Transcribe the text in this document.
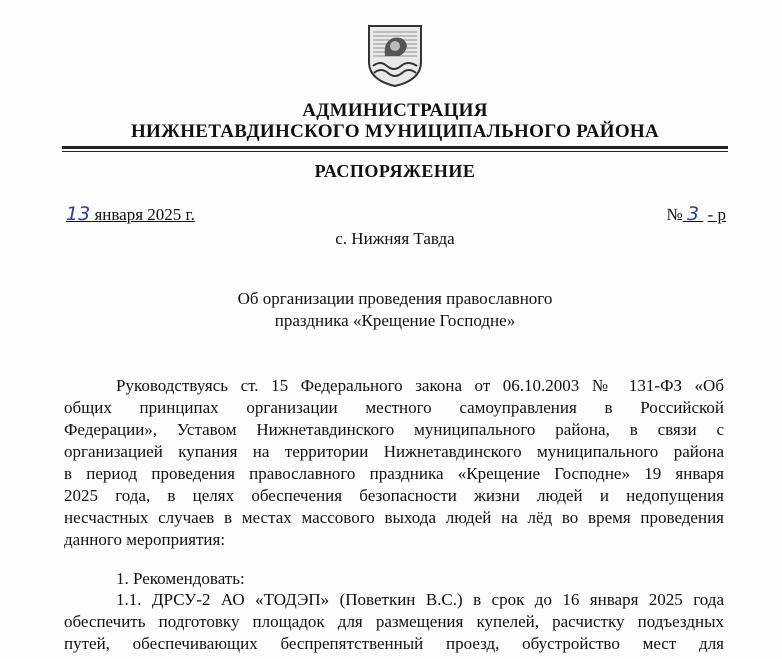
АДМИНИСТРАЦИЯ
НИЖНЕТАВДИНСКОГО МУНИЦИПАЛЬНОГО РАЙОНА
РАСПОРЯЖЕНИЕ
13 января 2025 г.	№ 3 - р
с. Нижняя Тавда
Об организации проведения православного
праздника «Крещение Господне»
Руководствуясь ст. 15 Федерального закона от 06.10.2003 № 131-ФЗ «Об
общих принципах организации местного самоуправления в Российской
Федерации», Уставом Нижнетавдинского муниципального района, в связи с
организацией купания на территории Нижнетавдинского муниципального района
в период проведения православного праздника «Крещение Господне» 19 января
2025 года, в целях обеспечения безопасности жизни людей и недопущения
несчастных случаев в местах массового выхода людей на лёд во время проведения
данного мероприятия:
1. Рекомендовать:
1.1. ДРСУ-2 АО «ТОДЭП» (Поветкин В.С.) в срок до 16 января 2025 года
обеспечить подготовку площадок для размещения купелей, расчистку подъездных
путей, обеспечивающих беспрепятственный проезд, обустройство мест для
